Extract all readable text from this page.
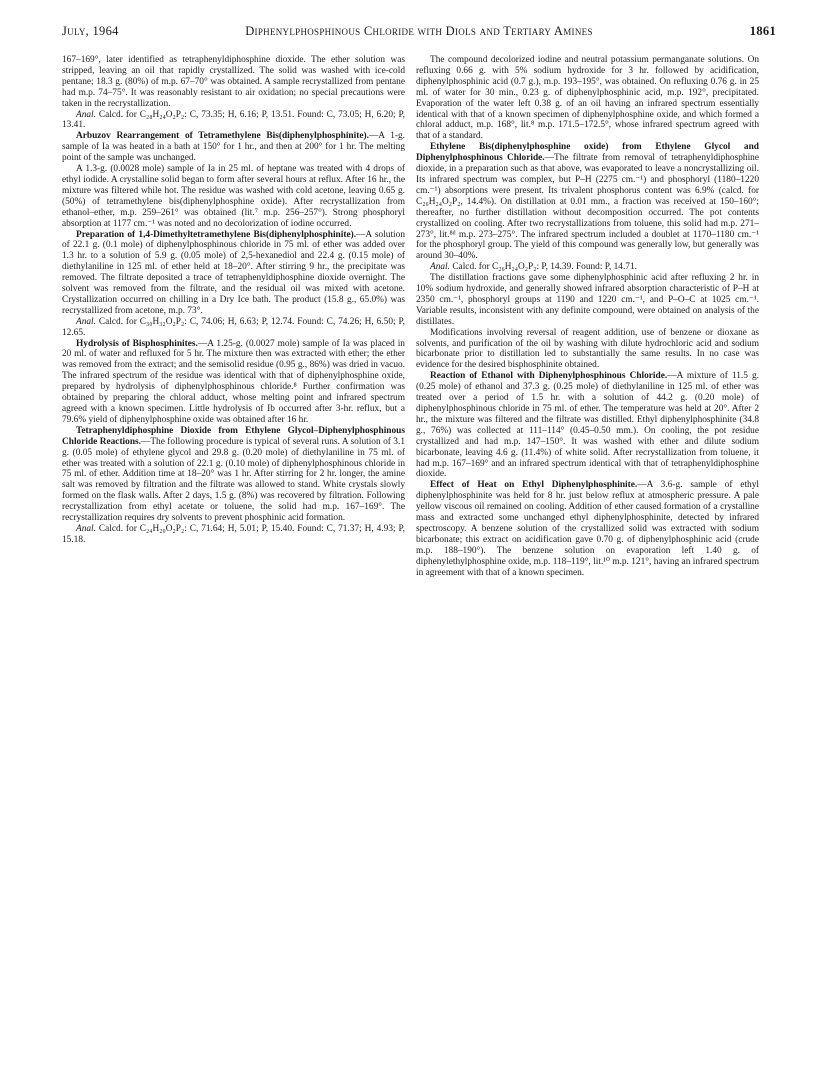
July, 1964	Diphenylphosphinous Chloride with Diols and Tertiary Amines	1861

167–169°, later identified as tetraphenyldiphosphine dioxide. The ether solution was stripped, leaving an oil that rapidly crystallized. The solid was washed with ice-cold pentane; 18.3 g. (80%) of m.p. 67–70° was obtained. A sample recrystallized from pentane had m.p. 74–75°. It was reasonably resistant to air oxidation; no special precautions were taken in the recrystallization.

Anal. Calcd. for C₂₈H₂₄O₂P₂: C, 73.35; H, 6.16; P, 13.51. Found: C, 73.05; H, 6.20; P, 13.41.

Arbuzov Rearrangement of Tetramethylene Bis(diphenylphosphinite).—A 1-g. sample of Ia was heated in a bath at 150° for 1 hr., and then at 200° for 1 hr. The melting point of the sample was unchanged.

A 1.3-g. (0.0028 mole) sample of Ia in 25 ml. of heptane was treated with 4 drops of ethyl iodide. A crystalline solid began to form after several hours at reflux. After 16 hr., the mixture was filtered while hot. The residue was washed with cold acetone, leaving 0.65 g. (50%) of tetramethylene bis(diphenylphosphine oxide). After recrystallization from ethanol–ether, m.p. 259–261° was obtained (lit.⁷ m.p. 256–257°). Strong phosphoryl absorption at 1177 cm.⁻¹ was noted and no decolorization of iodine occurred.

Preparation of 1,4-Dimethyltetramethylene Bis(diphenylphosphinite).—A solution of 22.1 g. (0.1 mole) of diphenylphosphinous chloride in 75 ml. of ether was added over 1.3 hr. to a solution of 5.9 g. (0.05 mole) of 2,5-hexanediol and 22.4 g. (0.15 mole) of diethylaniline in 125 ml. of ether held at 18–20°. After stirring 9 hr., the precipitate was removed. The filtrate deposited a trace of tetraphenyldiphosphine dioxide overnight. The solvent was removed from the filtrate, and the residual oil was mixed with acetone. Crystallization occurred on chilling in a Dry Ice bath. The product (15.8 g., 65.0%) was recrystallized from acetone, m.p. 73°.

Anal. Calcd. for C₃₀H₃₂O₂P₂: C, 74.06; H, 6.63; P, 12.74. Found: C, 74.26; H, 6.50; P, 12.65.

Hydrolysis of Bisphosphinites.—A 1.25-g. (0.0027 mole) sample of Ia was placed in 20 ml. of water and refluxed for 5 hr. The mixture then was extracted with ether; the ether was removed from the extract; and the semisolid residue (0.95 g., 86%) was dried in vacuo. The infrared spectrum of the residue was identical with that of diphenylphosphine oxide, prepared by hydrolysis of diphenylphosphinous chloride.⁸ Further confirmation was obtained by preparing the chloral adduct, whose melting point and infrared spectrum agreed with a known specimen. Little hydrolysis of Ib occurred after 3-hr. reflux, but a 79.6% yield of diphenylphosphine oxide was obtained after 16 hr.

Tetraphenyldiphosphine Dioxide from Ethylene Glycol–Diphenylphosphinous Chloride Reactions.—The following procedure is typical of several runs. A solution of 3.1 g. (0.05 mole) of ethylene glycol and 29.8 g. (0.20 mole) of diethylaniline in 75 ml. of ether was treated with a solution of 22.1 g. (0.10 mole) of diphenylphosphinous chloride in 75 ml. of ether. Addition time at 18–20° was 1 hr. After stirring for 2 hr. longer, the amine salt was removed by filtration and the filtrate was allowed to stand. White crystals slowly formed on the flask walls. After 2 days, 1.5 g. (8%) was recovered by filtration. Following recrystallization from ethyl acetate or toluene, the solid had m.p. 167–169°. The recrystallization requires dry solvents to prevent phosphinic acid formation.

Anal. Calcd. for C₂₄H₂₀O₂P₂: C, 71.64; H, 5.01; P, 15.40. Found: C, 71.37; H, 4.93; P, 15.18.

The compound decolorized iodine and neutral potassium permanganate solutions. On refluxing 0.66 g. with 5% sodium hydroxide for 3 hr. followed by acidification, diphenylphosphinic acid (0.7 g.), m.p. 193–195°, was obtained. On refluxing 0.76 g. in 25 ml. of water for 30 min., 0.23 g. of diphenylphosphinic acid, m.p. 192°, precipitated. Evaporation of the water left 0.38 g. of an oil having an infrared spectrum essentially identical with that of a known specimen of diphenylphosphine oxide, and which formed a chloral adduct, m.p. 168°, lit.⁸ m.p. 171.5–172.5°, whose infrared spectrum agreed with that of a standard.

Ethylene Bis(diphenylphosphine oxide) from Ethylene Glycol and Diphenylphosphinous Chloride.—The filtrate from removal of tetraphenyldiphosphine dioxide, in a preparation such as that above, was evaporated to leave a noncrystallizing oil. Its infrared spectrum was complex, but P–H (2275 cm.⁻¹) and phosphoryl (1180–1220 cm.⁻¹) absorptions were present. Its trivalent phosphorus content was 6.9% (calcd. for C₂₆H₂₄O₂P₂, 14.4%). On distillation at 0.01 mm., a fraction was received at 150–160°; thereafter, no further distillation without decomposition occurred. The pot contents crystallized on cooling. After two recrystallizations from toluene, this solid had m.p. 271–273°, lit.⁸ᵈ m.p. 273–275°. The infrared spectrum included a doublet at 1170–1180 cm.⁻¹ for the phosphoryl group. The yield of this compound was generally low, but generally was around 30–40%.

Anal. Calcd. for C₂₆H₂₄O₂P₂: P, 14.39. Found: P, 14.71.

The distillation fractions gave some diphenylphosphinic acid after refluxing 2 hr. in 10% sodium hydroxide, and generally showed infrared absorption characteristic of P–H at 2350 cm.⁻¹, phosphoryl groups at 1190 and 1220 cm.⁻¹, and P–O–C at 1025 cm.⁻¹. Variable results, inconsistent with any definite compound, were obtained on analysis of the distillates.

Modifications involving reversal of reagent addition, use of benzene or dioxane as solvents, and purification of the oil by washing with dilute hydrochloric acid and sodium bicarbonate prior to distillation led to substantially the same results. In no case was evidence for the desired bisphosphinite obtained.

Reaction of Ethanol with Diphenylphosphinous Chloride.—A mixture of 11.5 g. (0.25 mole) of ethanol and 37.3 g. (0.25 mole) of diethylaniline in 125 ml. of ether was treated over a period of 1.5 hr. with a solution of 44.2 g. (0.20 mole) of diphenylphosphinous chloride in 75 ml. of ether. The temperature was held at 20°. After 2 hr., the mixture was filtered and the filtrate was distilled. Ethyl diphenylphosphinite (34.8 g., 76%) was collected at 111–114° (0.45–0.50 mm.). On cooling, the pot residue crystallized and had m.p. 147–150°. It was washed with ether and dilute sodium bicarbonate, leaving 4.6 g. (11.4%) of white solid. After recrystallization from toluene, it had m.p. 167–169° and an infrared spectrum identical with that of tetraphenyldiphosphine dioxide.

Effect of Heat on Ethyl Diphenylphosphinite.—A 3.6-g. sample of ethyl diphenylphosphinite was held for 8 hr. just below reflux at atmospheric pressure. A pale yellow viscous oil remained on cooling. Addition of ether caused formation of a crystalline mass and extracted some unchanged ethyl diphenylphosphinite, detected by infrared spectroscopy. A benzene solution of the crystallized solid was extracted with sodium bicarbonate; this extract on acidification gave 0.70 g. of diphenylphosphinic acid (crude m.p. 188–190°). The benzene solution on evaporation left 1.40 g. of diphenylethylphosphine oxide, m.p. 118–119°, lit.¹⁰ m.p. 121°, having an infrared spectrum in agreement with that of a known specimen.
